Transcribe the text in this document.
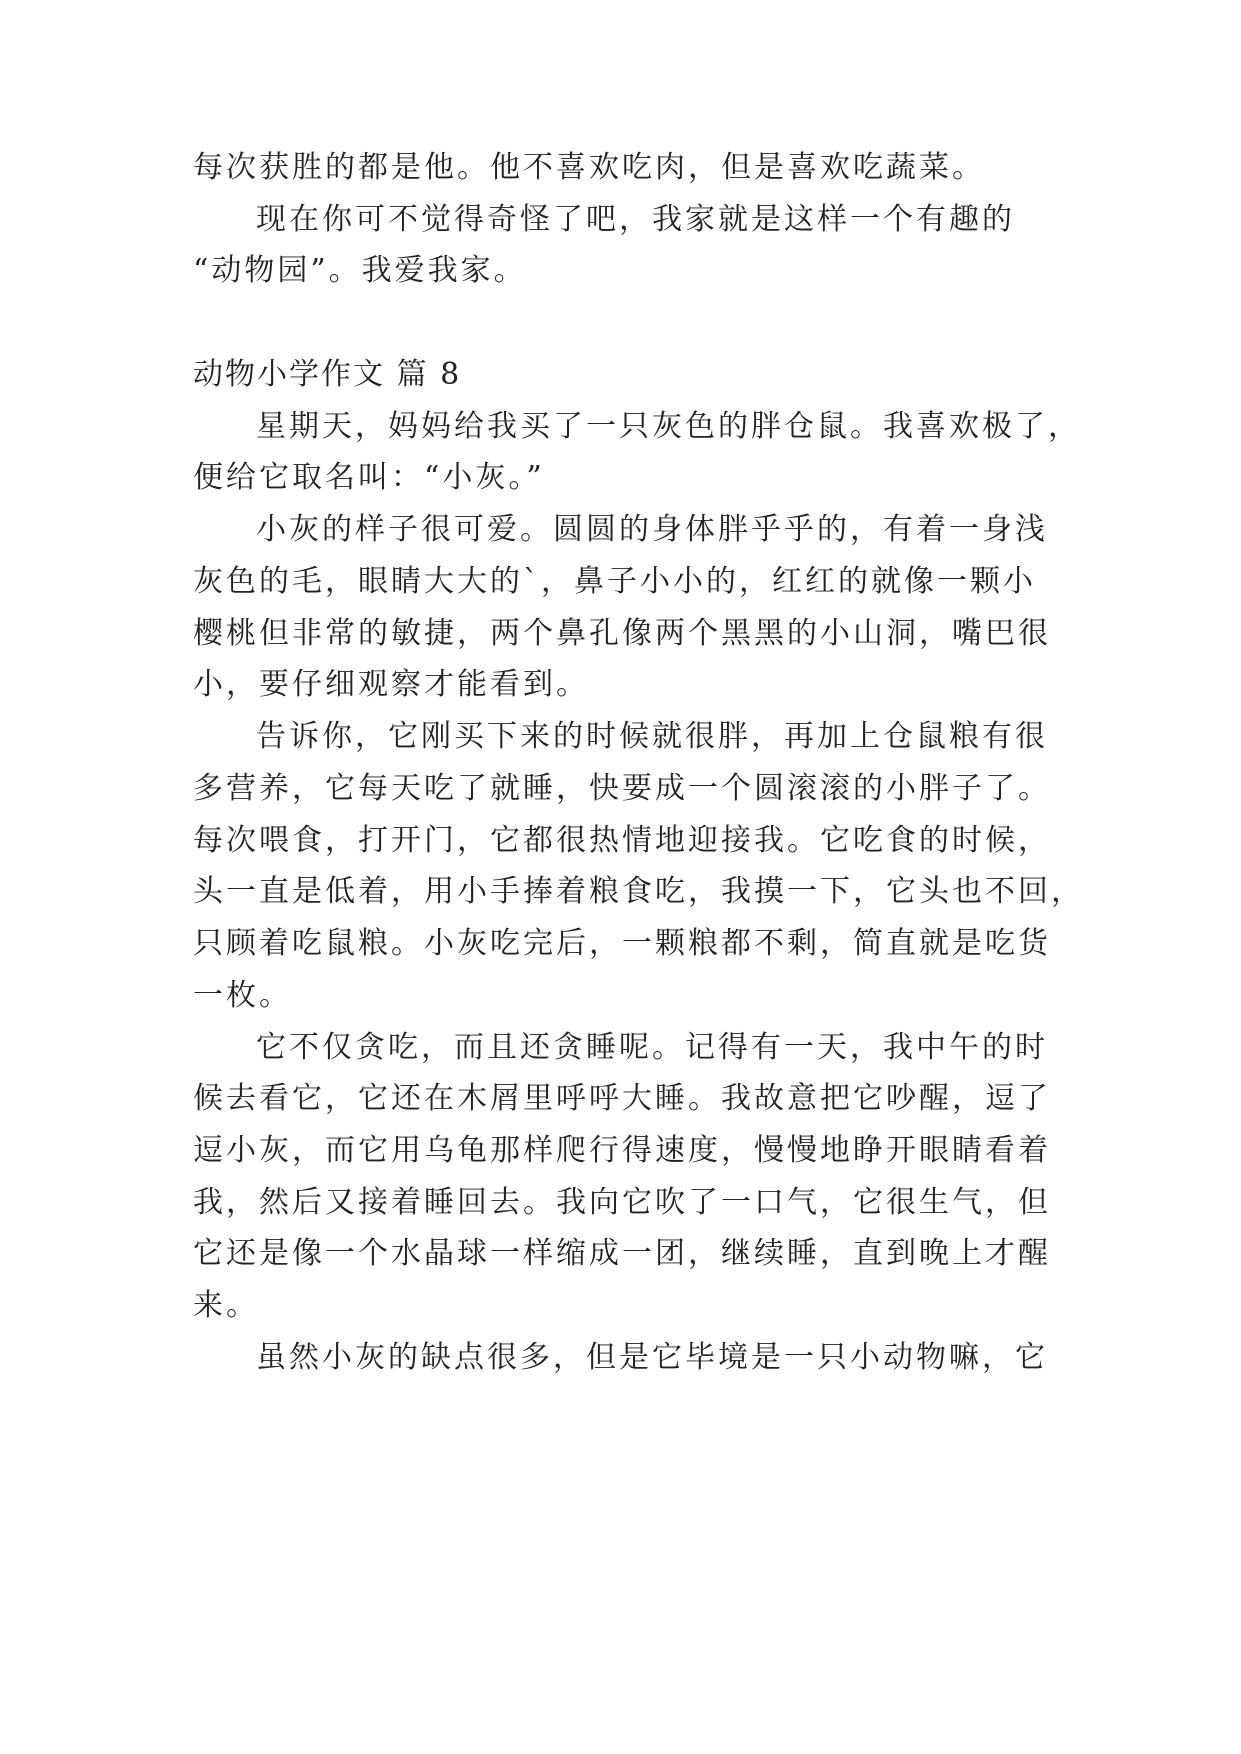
每次获胜的都是他。他不喜欢吃肉，但是喜欢吃蔬菜。

现在你可不觉得奇怪了吧，我家就是这样一个有趣的

“动物园”。我爱我家。

动物小学作文 篇 8

星期天，妈妈给我买了一只灰色的胖仓鼠。我喜欢极了，

便给它取名叫：“小灰。”

小灰的样子很可爱。圆圆的身体胖乎乎的，有着一身浅

灰色的毛，眼睛大大的`，鼻子小小的，红红的就像一颗小

樱桃但非常的敏捷，两个鼻孔像两个黑黑的小山洞，嘴巴很

小，要仔细观察才能看到。

告诉你，它刚买下来的时候就很胖，再加上仓鼠粮有很

多营养，它每天吃了就睡，快要成一个圆滚滚的小胖子了。

每次喂食，打开门，它都很热情地迎接我。它吃食的时候，

头一直是低着，用小手捧着粮食吃，我摸一下，它头也不回，

只顾着吃鼠粮。小灰吃完后，一颗粮都不剩，简直就是吃货

一枚。

它不仅贪吃，而且还贪睡呢。记得有一天，我中午的时

候去看它，它还在木屑里呼呼大睡。我故意把它吵醒，逗了

逗小灰，而它用乌龟那样爬行得速度，慢慢地睁开眼睛看着

我，然后又接着睡回去。我向它吹了一口气，它很生气，但

它还是像一个水晶球一样缩成一团，继续睡，直到晚上才醒

来。

虽然小灰的缺点很多，但是它毕境是一只小动物嘛，它
